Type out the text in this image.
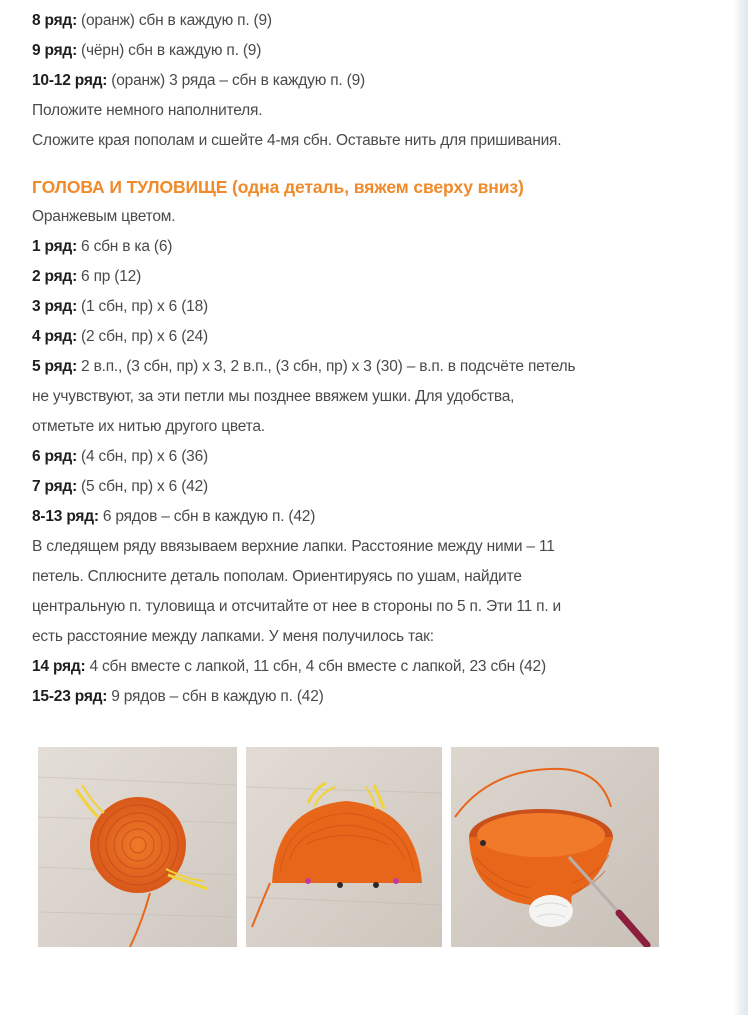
8 ряд: (оранж) сбн в каждую п. (9)
9 ряд: (чёрн) сбн в каждую п. (9)
10-12 ряд: (оранж) 3 ряда – сбн в каждую п. (9)
Положите немного наполнителя.
Сложите края пополам и сшейте 4-мя сбн. Оставьте нить для пришивания.
ГОЛОВА И ТУЛОВИЩЕ (одна деталь, вяжем сверху вниз)
Оранжевым цветом.
1 ряд: 6 сбн в ка (6)
2 ряд: 6 пр (12)
3 ряд: (1 сбн, пр) х 6 (18)
4 ряд: (2 сбн, пр) х 6 (24)
5 ряд: 2 в.п., (3 сбн, пр) х 3, 2 в.п., (3 сбн, пр) х 3 (30) – в.п. в подсчёте петель
не учувствуют, за эти петли мы позднее ввяжем ушки. Для удобства,
отметьте их нитью другого цвета.
6 ряд: (4 сбн, пр) х 6 (36)
7 ряд: (5 сбн, пр) х 6 (42)
8-13 ряд: 6 рядов – сбн в каждую п. (42)
В следящем ряду ввязываем верхние лапки. Расстояние между ними – 11
петель. Сплюсните деталь пополам. Ориентируясь по ушам, найдите
центральную п. туловища и отсчитайте от нее в стороны по 5 п. Эти 11 п. и
есть расстояние между лапками. У меня получилось так:
14 ряд: 4 сбн вместе с лапкой, 11 сбн, 4 сбн вместе с лапкой, 23 сбн (42)
15-23 ряд: 9 рядов – сбн в каждую п. (42)
